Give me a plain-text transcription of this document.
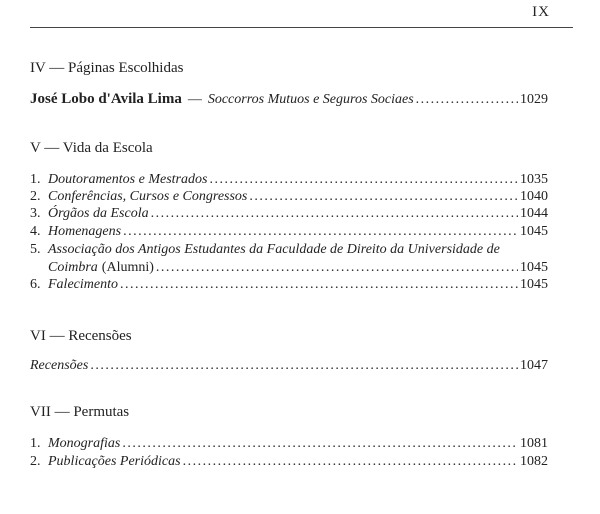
IX
IV — Páginas Escolhidas
José Lobo d'Avila Lima — Soccorros Mutuos e Seguros Sociaes .....	1029
V — Vida da Escola
1. Doutoramentos e Mestrados .....	1035
2. Conferências, Cursos e Congressos .....	1040
3. Órgãos da Escola .....	1044
4. Homenagens .....	1045
5. Associação dos Antigos Estudantes da Faculdade de Direito da Universidade de
Coimbra (Alumni) .....	1045
6. Falecimento .....	1045
VI — Recensões
Recensões .....	1047
VII — Permutas
1. Monografias .....	1081
2. Publicações Periódicas .....	1082
